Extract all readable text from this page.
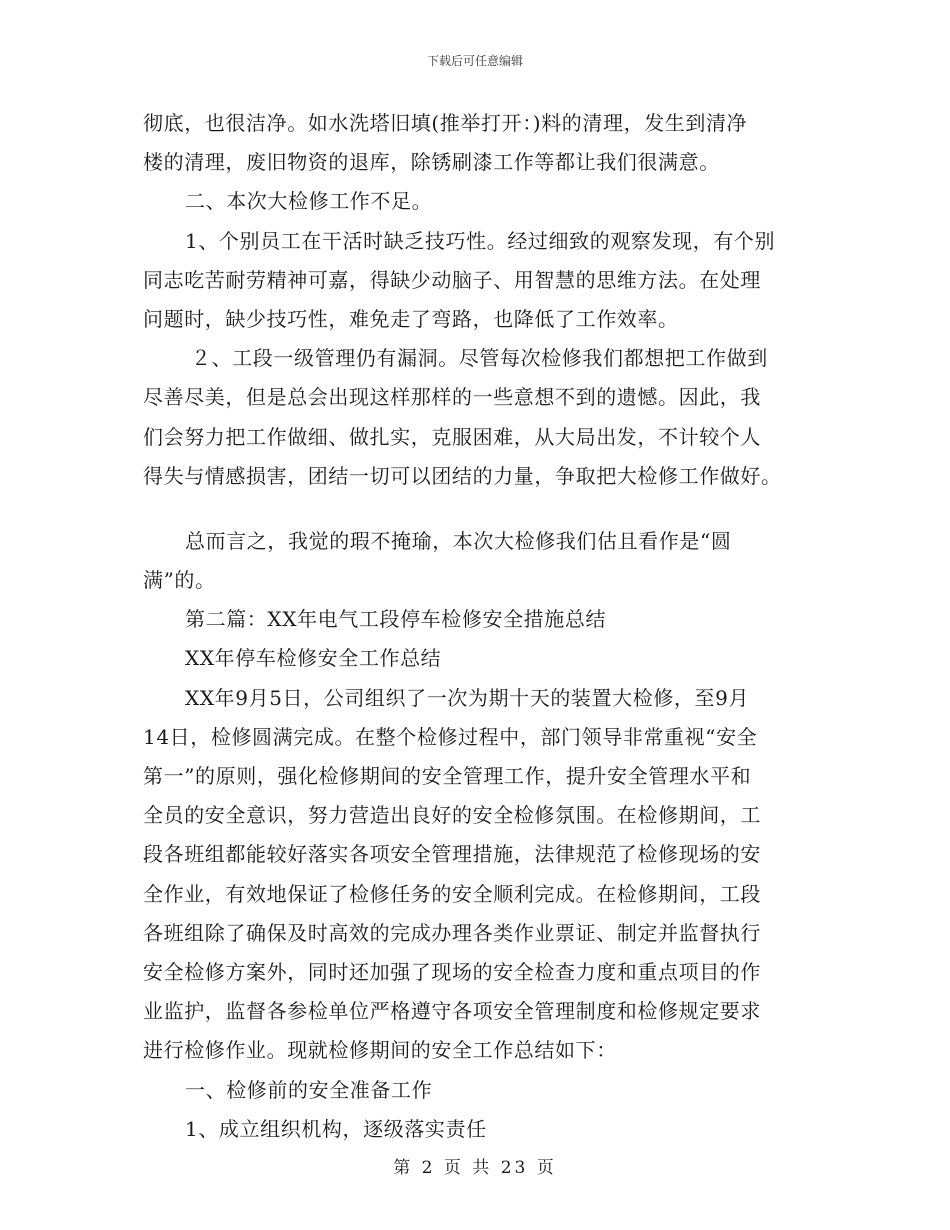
下载后可任意编辑
彻底，也很洁净。如水洗塔旧填(推举打开：)料的清理，发生到清净
楼的清理，废旧物资的退库，除锈刷漆工作等都让我们很满意。
二、本次大检修工作不足。
1、个别员工在干活时缺乏技巧性。经过细致的观察发现，有个别
同志吃苦耐劳精神可嘉，得缺少动脑子、用智慧的思维方法。在处理
问题时，缺少技巧性，难免走了弯路，也降低了工作效率。
２、工段一级管理仍有漏洞。尽管每次检修我们都想把工作做到
尽善尽美，但是总会出现这样那样的一些意想不到的遗憾。因此，我
们会努力把工作做细、做扎实，克服困难，从大局出发，不计较个人
得失与情感损害，团结一切可以团结的力量，争取把大检修工作做好。
总而言之，我觉的瑕不掩瑜，本次大检修我们估且看作是“圆
满”的。
第二篇：XX年电气工段停车检修安全措施总结
XX年停车检修安全工作总结
XX年9月5日，公司组织了一次为期十天的装置大检修，至9月
14日，检修圆满完成。在整个检修过程中，部门领导非常重视“安全
第一”的原则，强化检修期间的安全管理工作，提升安全管理水平和
全员的安全意识，努力营造出良好的安全检修氛围。在检修期间，工
段各班组都能较好落实各项安全管理措施，法律规范了检修现场的安
全作业，有效地保证了检修任务的安全顺利完成。在检修期间，工段
各班组除了确保及时高效的完成办理各类作业票证、制定并监督执行
安全检修方案外，同时还加强了现场的安全检查力度和重点项目的作
业监护，监督各参检单位严格遵守各项安全管理制度和检修规定要求
进行检修作业。现就检修期间的安全工作总结如下：
一、检修前的安全准备工作
1、成立组织机构，逐级落实责任
第 2 页 共 23 页
